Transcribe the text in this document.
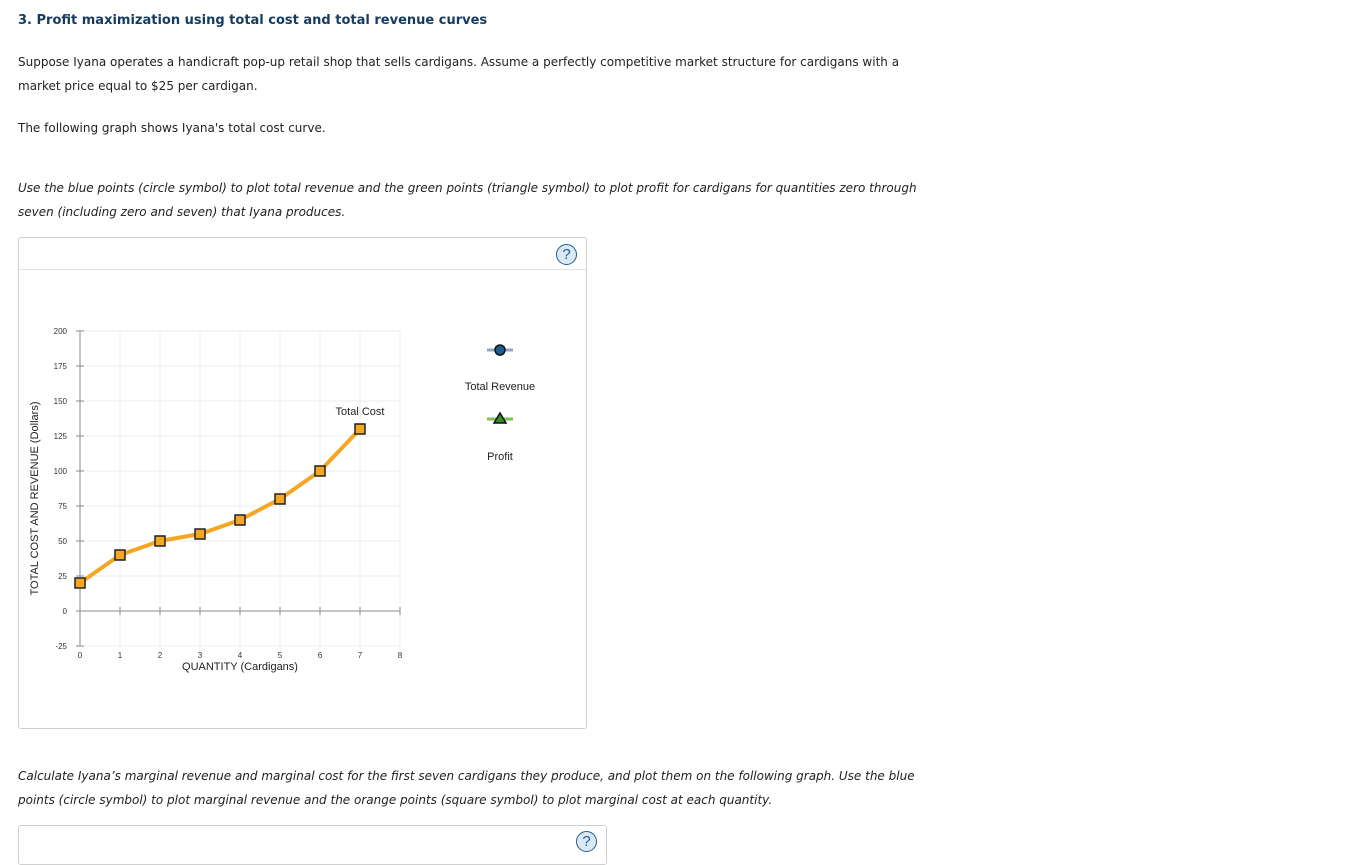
3. Profit maximization using total cost and total revenue curves

Suppose Iyana operates a handicraft pop-up retail shop that sells cardigans. Assume a perfectly competitive market structure for cardigans with a market price equal to $25 per cardigan.

The following graph shows Iyana's total cost curve.

Use the blue points (circle symbol) to plot total revenue and the green points (triangle symbol) to plot profit for cardigans for quantities zero through seven (including zero and seven) that Iyana produces.

?
-25
0
25
50
75
100
125
150
175
200
0	1	2	3	4	5	6	7	8
QUANTITY (Cardigans)
TOTAL COST AND REVENUE (Dollars)	Total Cost
Total Revenue
Profit

Calculate Iyana’s marginal revenue and marginal cost for the first seven cardigans they produce, and plot them on the following graph. Use the blue points (circle symbol) to plot marginal revenue and the orange points (square symbol) to plot marginal cost at each quantity.

?
